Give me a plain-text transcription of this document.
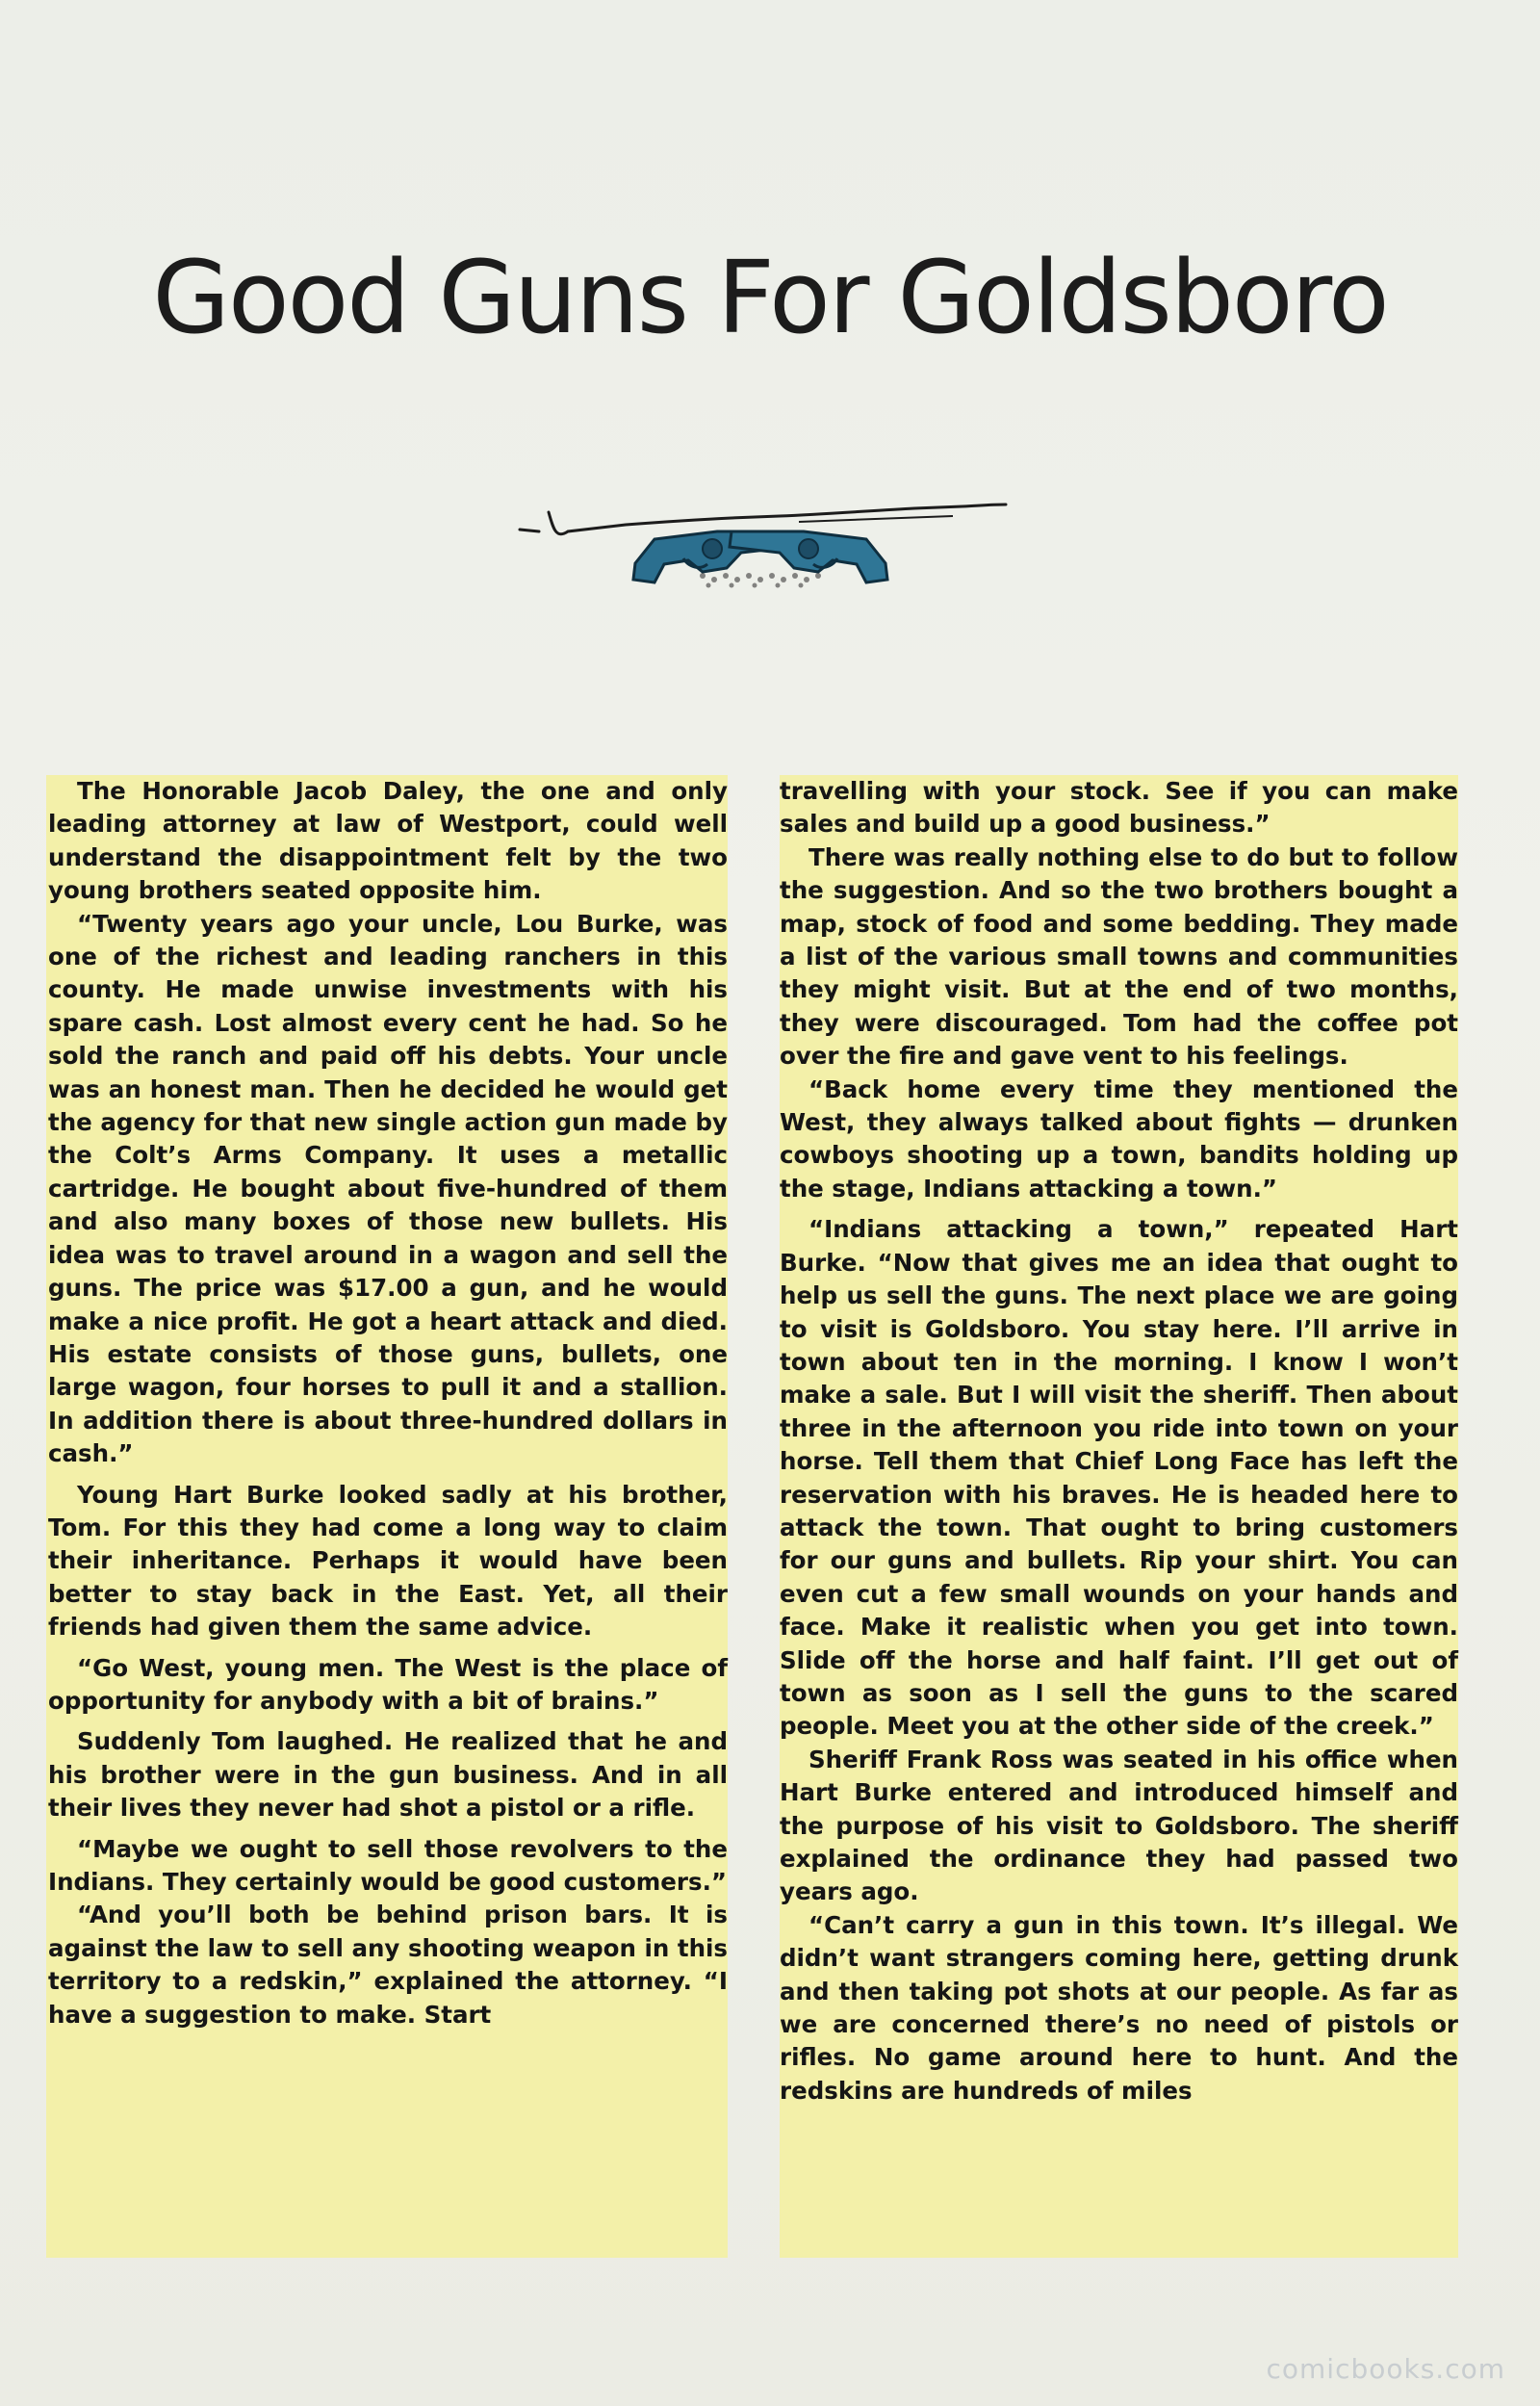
Good Guns For Goldsboro

The Honorable Jacob Daley, the one and only leading attorney at law of Westport, could well understand the disappointment felt by the two young brothers seated opposite him.

“Twenty years ago your uncle, Lou Burke, was one of the richest and leading ranchers in this county. He made unwise investments with his spare cash. Lost almost every cent he had. So he sold the ranch and paid off his debts. Your uncle was an honest man. Then he decided he would get the agency for that new single action gun made by the Colt’s Arms Company. It uses a metallic cartridge. He bought about five-hundred of them and also many boxes of those new bullets. His idea was to travel around in a wagon and sell the guns. The price was $17.00 a gun, and he would make a nice profit. He got a heart attack and died. His estate consists of those guns, bullets, one large wagon, four horses to pull it and a stallion. In addition there is about three-hundred dollars in cash.”

Young Hart Burke looked sadly at his brother, Tom. For this they had come a long way to claim their inheritance. Perhaps it would have been better to stay back in the East. Yet, all their friends had given them the same advice.

“Go West, young men. The West is the place of opportunity for anybody with a bit of brains.”

Suddenly Tom laughed. He realized that he and his brother were in the gun business. And in all their lives they never had shot a pistol or a rifle.

“Maybe we ought to sell those revolvers to the Indians. They certainly would be good customers.”

“And you’ll both be behind prison bars. It is against the law to sell any shooting weapon in this territory to a redskin,” explained the attorney. “I have a suggestion to make. Start

travelling with your stock. See if you can make sales and build up a good business.”

There was really nothing else to do but to follow the suggestion. And so the two brothers bought a map, stock of food and some bedding. They made a list of the various small towns and communities they might visit. But at the end of two months, they were discouraged. Tom had the coffee pot over the fire and gave vent to his feelings.

“Back home every time they mentioned the West, they always talked about fights — drunken cowboys shooting up a town, bandits holding up the stage, Indians attacking a town.”

“Indians attacking a town,” repeated Hart Burke. “Now that gives me an idea that ought to help us sell the guns. The next place we are going to visit is Goldsboro. You stay here. I’ll arrive in town about ten in the morning. I know I won’t make a sale. But I will visit the sheriff. Then about three in the afternoon you ride into town on your horse. Tell them that Chief Long Face has left the reservation with his braves. He is headed here to attack the town. That ought to bring customers for our guns and bullets. Rip your shirt. You can even cut a few small wounds on your hands and face. Make it realistic when you get into town. Slide off the horse and half faint. I’ll get out of town as soon as I sell the guns to the scared people. Meet you at the other side of the creek.”

Sheriff Frank Ross was seated in his office when Hart Burke entered and introduced himself and the purpose of his visit to Goldsboro. The sheriff explained the ordinance they had passed two years ago.

“Can’t carry a gun in this town. It’s illegal. We didn’t want strangers coming here, getting drunk and then taking pot shots at our people. As far as we are concerned there’s no need of pistols or rifles. No game around here to hunt. And the redskins are hundreds of miles

comicbooks.com
